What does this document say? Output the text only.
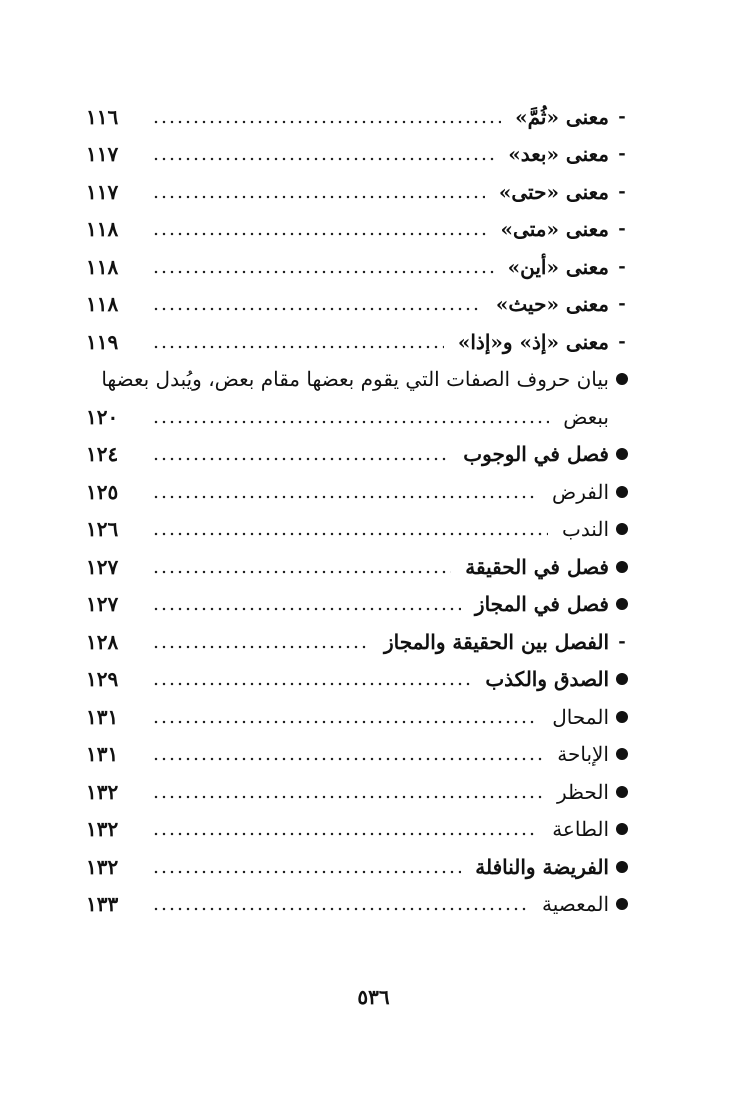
-
معنى «ثُمَّ»
١١٦
-
معنى «بعد»
١١٧
-
معنى «حتى»
١١٧
-
معنى «متى»
١١٨
-
معنى «أين»
١١٨
-
معنى «حيث»
١١٨
-
معنى «إذ» و«إذا»
١١٩
بيان حروف الصفات التي يقوم بعضها مقام بعض، ويُبدل بعضها
ببعض
١٢٠
فصل في الوجوب
١٢٤
الفرض
١٢٥
الندب
١٢٦
فصل في الحقيقة
١٢٧
فصل في المجاز
١٢٧
-
الفصل بين الحقيقة والمجاز
١٢٨
الصدق والكذب
١٢٩
المحال
١٣١
الإباحة
١٣١
الحظر
١٣٢
الطاعة
١٣٢
الفريضة والنافلة
١٣٢
المعصية
١٣٣
٥٣٦
